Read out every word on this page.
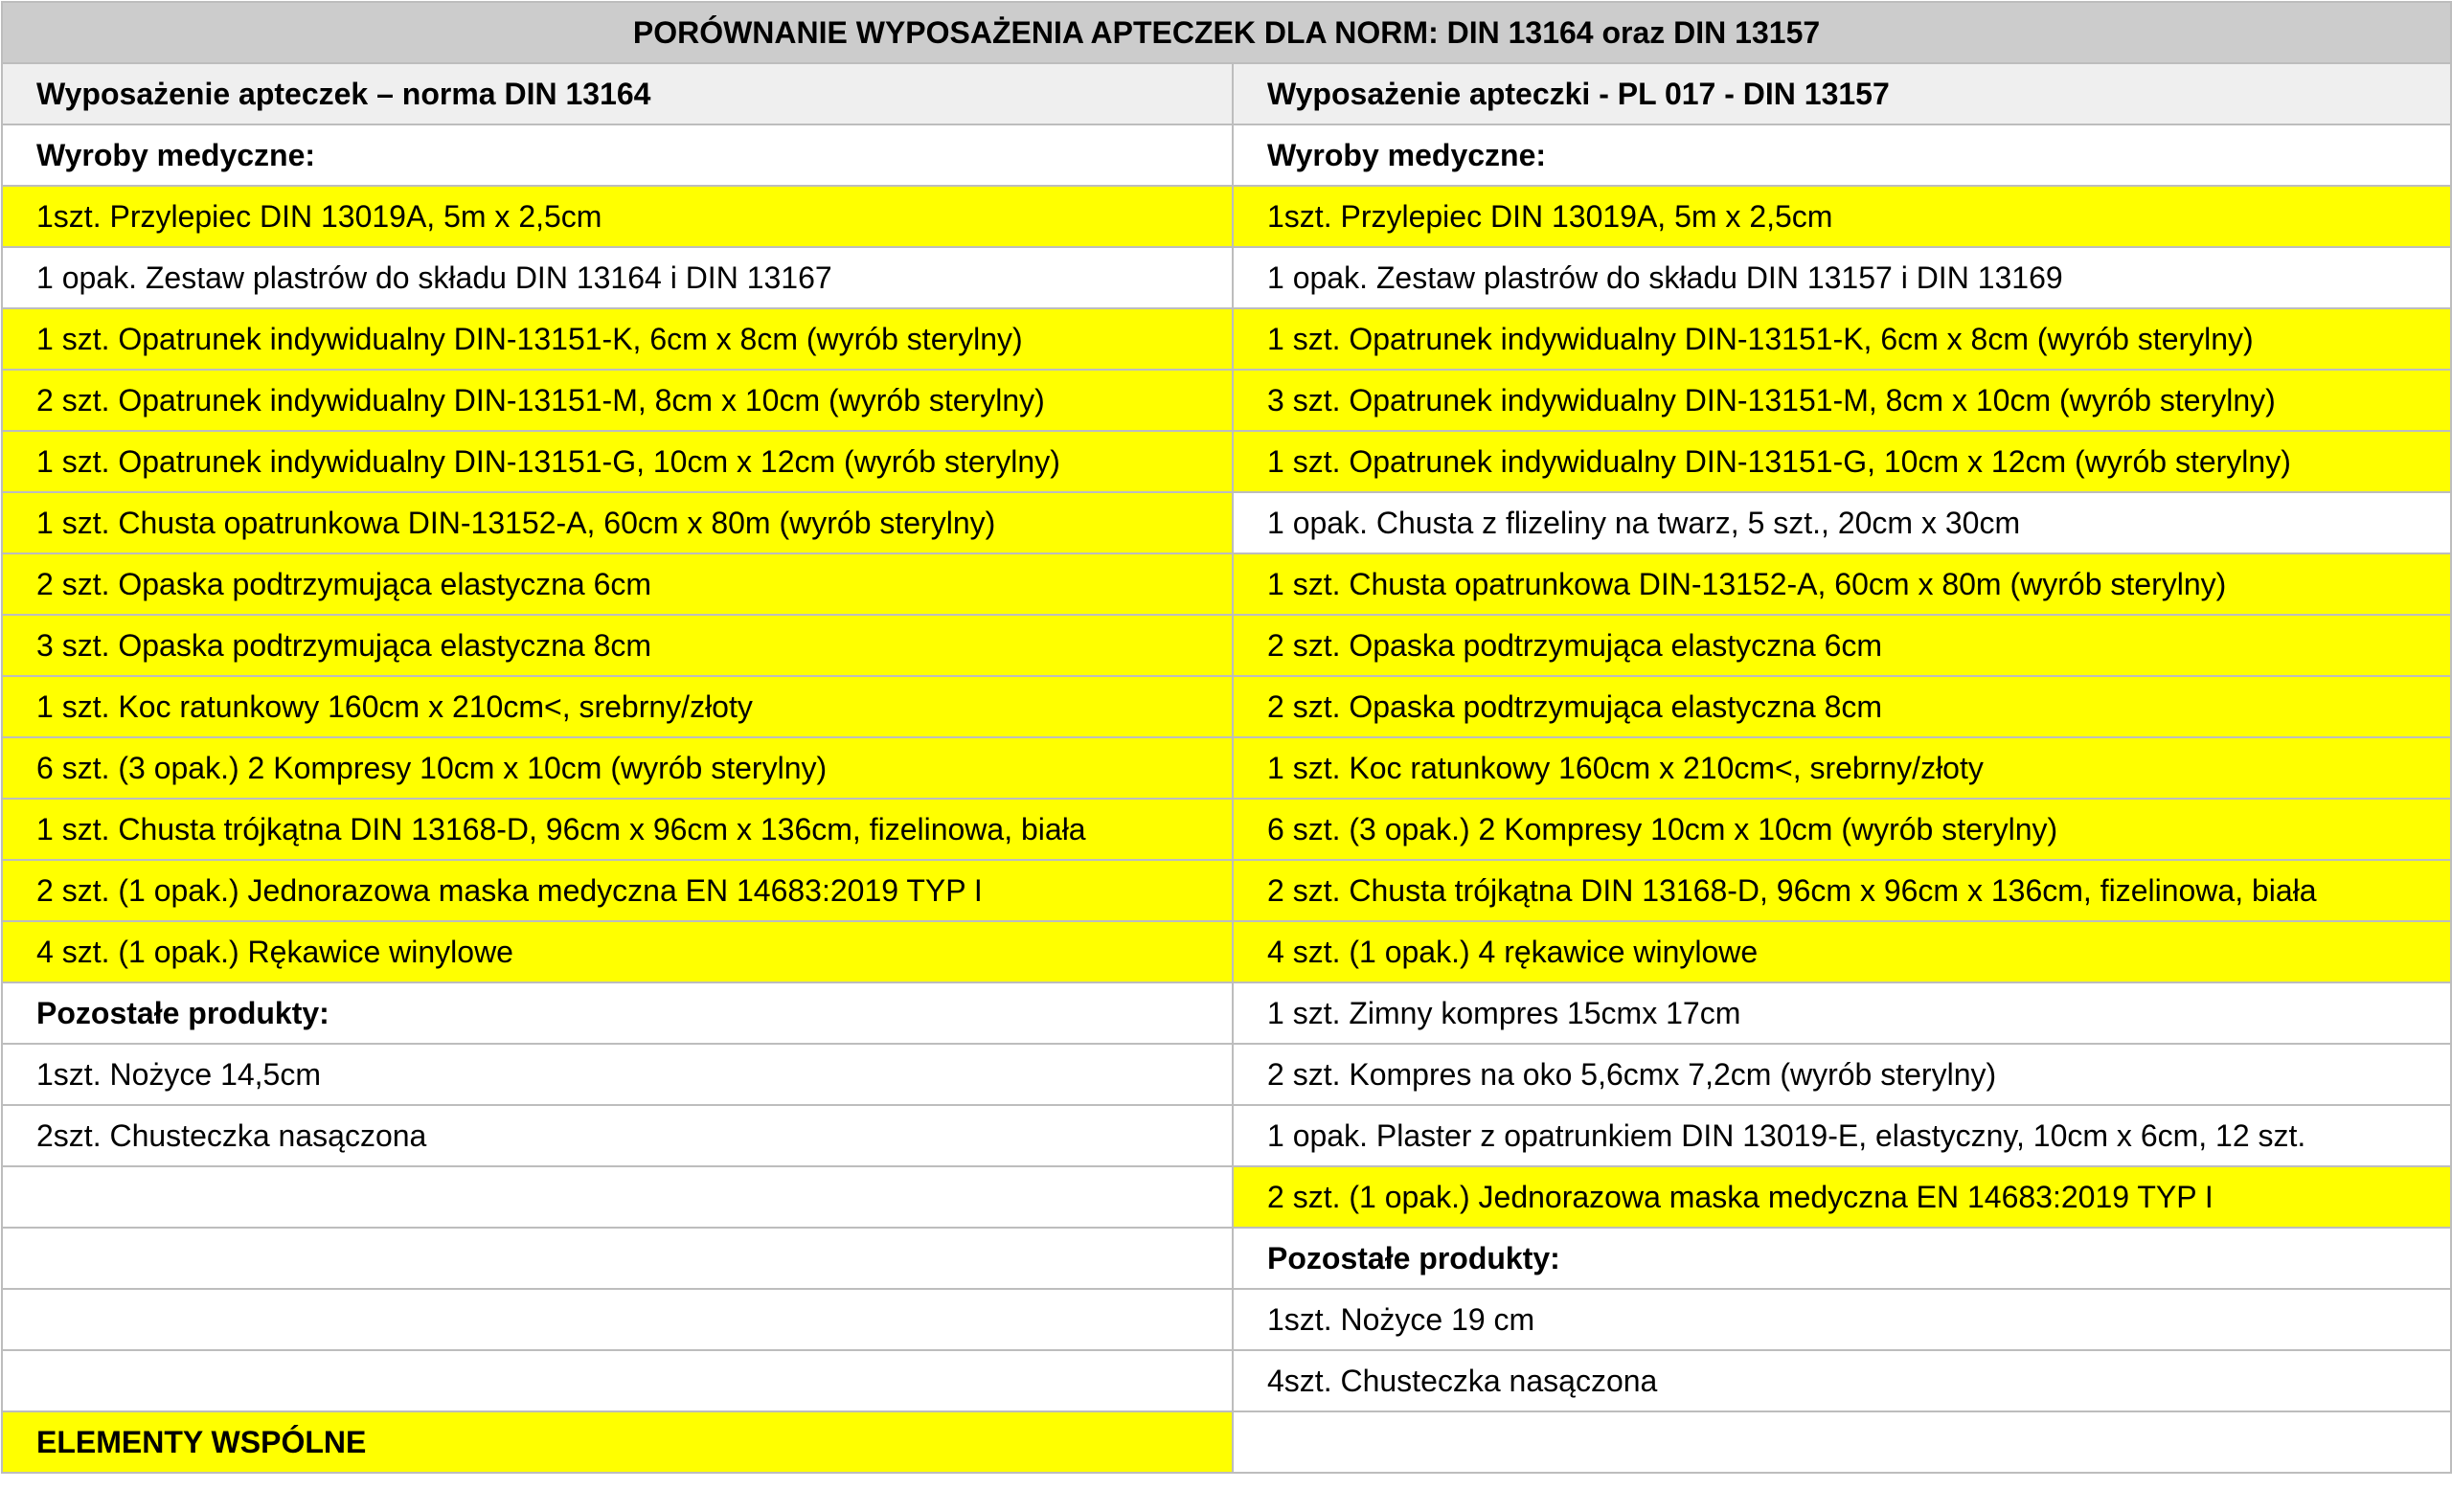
PORÓWNANIE WYPOSAŻENIA APTECZEK DLA NORM: DIN 13164 oraz DIN 13157	
Wyposażenie apteczek – norma DIN 13164	Wyposażenie apteczki - PL 017 - DIN 13157
Wyroby medyczne:	Wyroby medyczne:
1szt. Przylepiec DIN 13019A, 5m x 2,5cm	1szt. Przylepiec DIN 13019A, 5m x 2,5cm
1 opak. Zestaw plastrów do składu DIN 13164 i DIN 13167	1 opak. Zestaw plastrów do składu DIN 13157 i DIN 13169
1 szt. Opatrunek indywidualny DIN-13151-K, 6cm x 8cm (wyrób sterylny)	1 szt. Opatrunek indywidualny DIN-13151-K, 6cm x 8cm (wyrób sterylny)
2 szt. Opatrunek indywidualny DIN-13151-M, 8cm x 10cm (wyrób sterylny)	3 szt. Opatrunek indywidualny DIN-13151-M, 8cm x 10cm (wyrób sterylny)
1 szt. Opatrunek indywidualny DIN-13151-G, 10cm x 12cm (wyrób sterylny)	1 szt. Opatrunek indywidualny DIN-13151-G, 10cm x 12cm (wyrób sterylny)
1 szt. Chusta opatrunkowa DIN-13152-A, 60cm x 80m (wyrób sterylny)	1 opak. Chusta z flizeliny na twarz, 5 szt., 20cm x 30cm
2 szt. Opaska podtrzymująca elastyczna 6cm	1 szt. Chusta opatrunkowa DIN-13152-A, 60cm x 80m (wyrób sterylny)
3 szt. Opaska podtrzymująca elastyczna 8cm	2 szt. Opaska podtrzymująca elastyczna 6cm
1 szt. Koc ratunkowy 160cm x 210cm<, srebrny/złoty	2 szt. Opaska podtrzymująca elastyczna 8cm
6 szt. (3 opak.) 2 Kompresy 10cm x 10cm (wyrób sterylny)	1 szt. Koc ratunkowy 160cm x 210cm<, srebrny/złoty
1 szt. Chusta trójkątna DIN 13168-D, 96cm x 96cm x 136cm, fizelinowa, biała	6 szt. (3 opak.) 2 Kompresy 10cm x 10cm (wyrób sterylny)
2 szt. (1 opak.) Jednorazowa maska medyczna EN 14683:2019 TYP I	2 szt. Chusta trójkątna DIN 13168-D, 96cm x 96cm x 136cm, fizelinowa, biała
4 szt. (1 opak.) Rękawice winylowe	4 szt. (1 opak.) 4 rękawice winylowe
Pozostałe produkty:	1 szt. Zimny kompres 15cmx 17cm
1szt. Nożyce 14,5cm	2 szt. Kompres na oko 5,6cmx 7,2cm (wyrób sterylny)
2szt. Chusteczka nasączona	1 opak. Plaster z opatrunkiem DIN 13019-E, elastyczny, 10cm x 6cm, 12 szt.
	2 szt. (1 opak.) Jednorazowa maska medyczna EN 14683:2019 TYP I
	Pozostałe produkty:
	1szt. Nożyce 19 cm
	4szt. Chusteczka nasączona
ELEMENTY WSPÓLNE	
